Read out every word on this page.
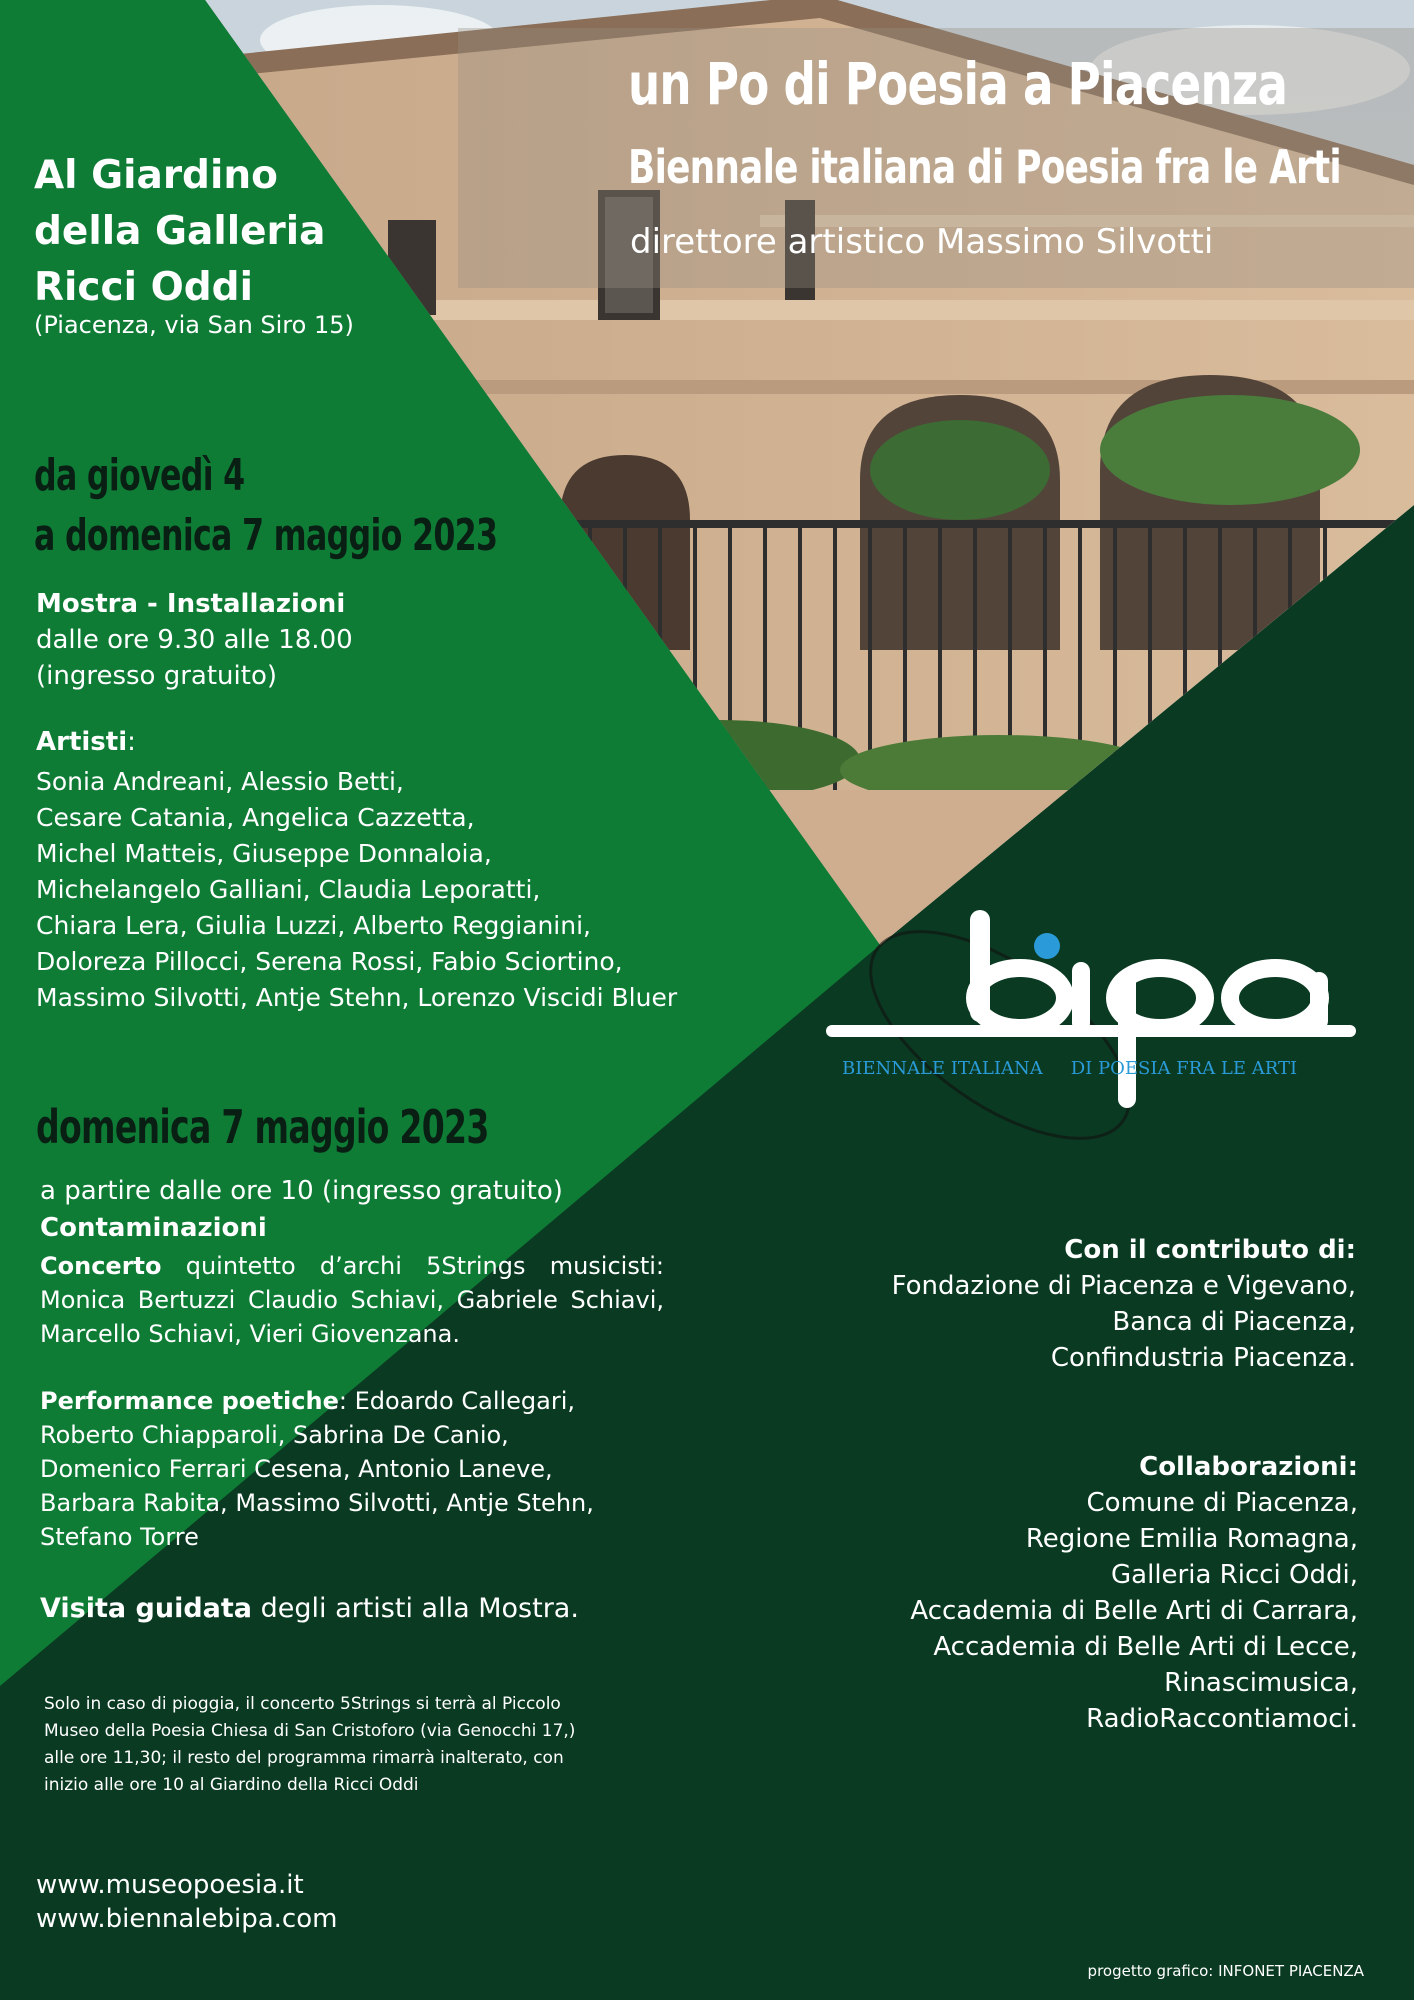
un Po di Poesia a Piacenza
Biennale italiana di Poesia fra le Arti
direttore artistico Massimo Silvotti
Al Giardino
della Galleria
Ricci Oddi
(Piacenza, via San Siro 15)
da giovedì 4
a domenica 7 maggio 2023
Mostra - Installazioni
dalle ore 9.30 alle 18.00
(ingresso gratuito)
Artisti:
Sonia Andreani, Alessio Betti,
Cesare Catania, Angelica Cazzetta,
Michel Matteis, Giuseppe Donnaloia,
Michelangelo Galliani, Claudia Leporatti,
Chiara Lera, Giulia Luzzi, Alberto Reggianini,
Doloreza Pillocci, Serena Rossi, Fabio Sciortino,
Massimo Silvotti, Antje Stehn, Lorenzo Viscidi Bluer
domenica 7 maggio 2023
a partire dalle ore 10 (ingresso gratuito)
Contaminazioni
Concerto quintetto d’archi 5Strings musicisti: Monica Bertuzzi Claudio Schiavi, Gabriele Schiavi, Marcello Schiavi, Vieri Giovenzana.
Performance poetiche: Edoardo Callegari,
Roberto Chiapparoli, Sabrina De Canio,
Domenico Ferrari Cesena, Antonio Laneve,
Barbara Rabita, Massimo Silvotti, Antje Stehn,
Stefano Torre
Visita guidata degli artisti alla Mostra.
Solo in caso di pioggia, il concerto 5Strings si terrà al Piccolo
Museo della Poesia Chiesa di San Cristoforo (via Genocchi 17,)
alle ore 11,30; il resto del programma rimarrà inalterato, con
inizio alle ore 10 al Giardino della Ricci Oddi
BIENNALE ITALIANA DI POESIA FRA LE ARTI
Con il contributo di:
Fondazione di Piacenza e Vigevano,
Banca di Piacenza,
Confindustria Piacenza.
Collaborazioni:
Comune di Piacenza,
Regione Emilia Romagna,
Galleria Ricci Oddi,
Accademia di Belle Arti di Carrara,
Accademia di Belle Arti di Lecce,
Rinascimusica,
RadioRaccontiamoci.
www.museopoesia.it
www.biennalebipa.com
progetto grafico: INFONET PIACENZA
